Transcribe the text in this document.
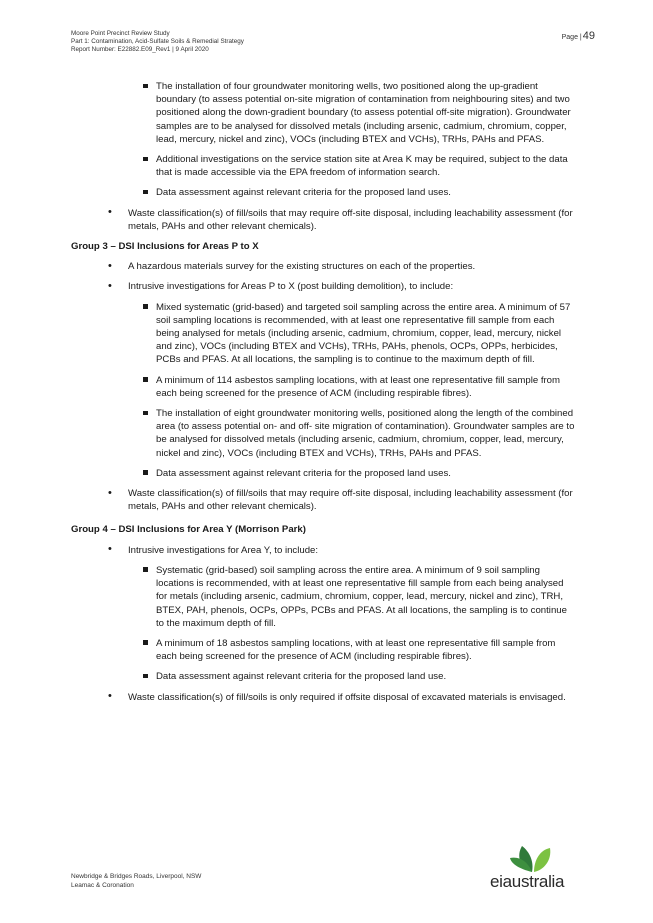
Moore Point Precinct Review Study
Part 1: Contamination, Acid-Sulfate Soils & Remedial Strategy
Report Number: E22882.E09_Rev1 | 9 April 2020
Page |49

The installation of four groundwater monitoring wells, two positioned along the up-gradient boundary (to assess potential on-site migration of contamination from neighbouring sites) and two positioned along the down-gradient boundary (to assess potential off-site migration). Groundwater samples are to be analysed for dissolved metals (including arsenic, cadmium, chromium, copper, lead, mercury, nickel and zinc), VOCs (including BTEX and VCHs), TRHs, PAHs and PFAS.

Additional investigations on the service station site at Area K may be required, subject to the data that is made accessible via the EPA freedom of information search.

Data assessment against relevant criteria for the proposed land uses.

• Waste classification(s) of fill/soils that may require off-site disposal, including leachability assessment (for metals, PAHs and other relevant chemicals).

Group 3 – DSI Inclusions for Areas P to X

• A hazardous materials survey for the existing structures on each of the properties.

• Intrusive investigations for Areas P to X (post building demolition), to include:

Mixed systematic (grid-based) and targeted soil sampling across the entire area. A minimum of 57 soil sampling locations is recommended, with at least one representative fill sample from each being analysed for metals (including arsenic, cadmium, chromium, copper, lead, mercury, nickel and zinc), VOCs (including BTEX and VCHs), TRHs, PAHs, phenols, OCPs, OPPs, herbicides, PCBs and PFAS. At all locations, the sampling is to continue to the maximum depth of fill.

A minimum of 114 asbestos sampling locations, with at least one representative fill sample from each being screened for the presence of ACM (including respirable fibres).

The installation of eight groundwater monitoring wells, positioned along the length of the combined area (to assess potential on- and off- site migration of contamination). Groundwater samples are to be analysed for dissolved metals (including arsenic, cadmium, chromium, copper, lead, mercury, nickel and zinc), VOCs (including BTEX and VCHs), TRHs, PAHs and PFAS.

Data assessment against relevant criteria for the proposed land uses.

• Waste classification(s) of fill/soils that may require off-site disposal, including leachability assessment (for metals, PAHs and other relevant chemicals).

Group 4 – DSI Inclusions for Area Y (Morrison Park)

• Intrusive investigations for Area Y, to include:

Systematic (grid-based) soil sampling across the entire area. A minimum of 9 soil sampling locations is recommended, with at least one representative fill sample from each being analysed for metals (including arsenic, cadmium, chromium, copper, lead, mercury, nickel and zinc), TRH, BTEX, PAH, phenols, OCPs, OPPs, PCBs and PFAS. At all locations, the sampling is to continue to the maximum depth of fill.

A minimum of 18 asbestos sampling locations, with at least one representative fill sample from each being screened for the presence of ACM (including respirable fibres).

Data assessment against relevant criteria for the proposed land use.

• Waste classification(s) of fill/soils is only required if offsite disposal of excavated materials is envisaged.

Newbridge & Bridges Roads, Liverpool, NSW
Leamac & Coronation	eiaustralia
